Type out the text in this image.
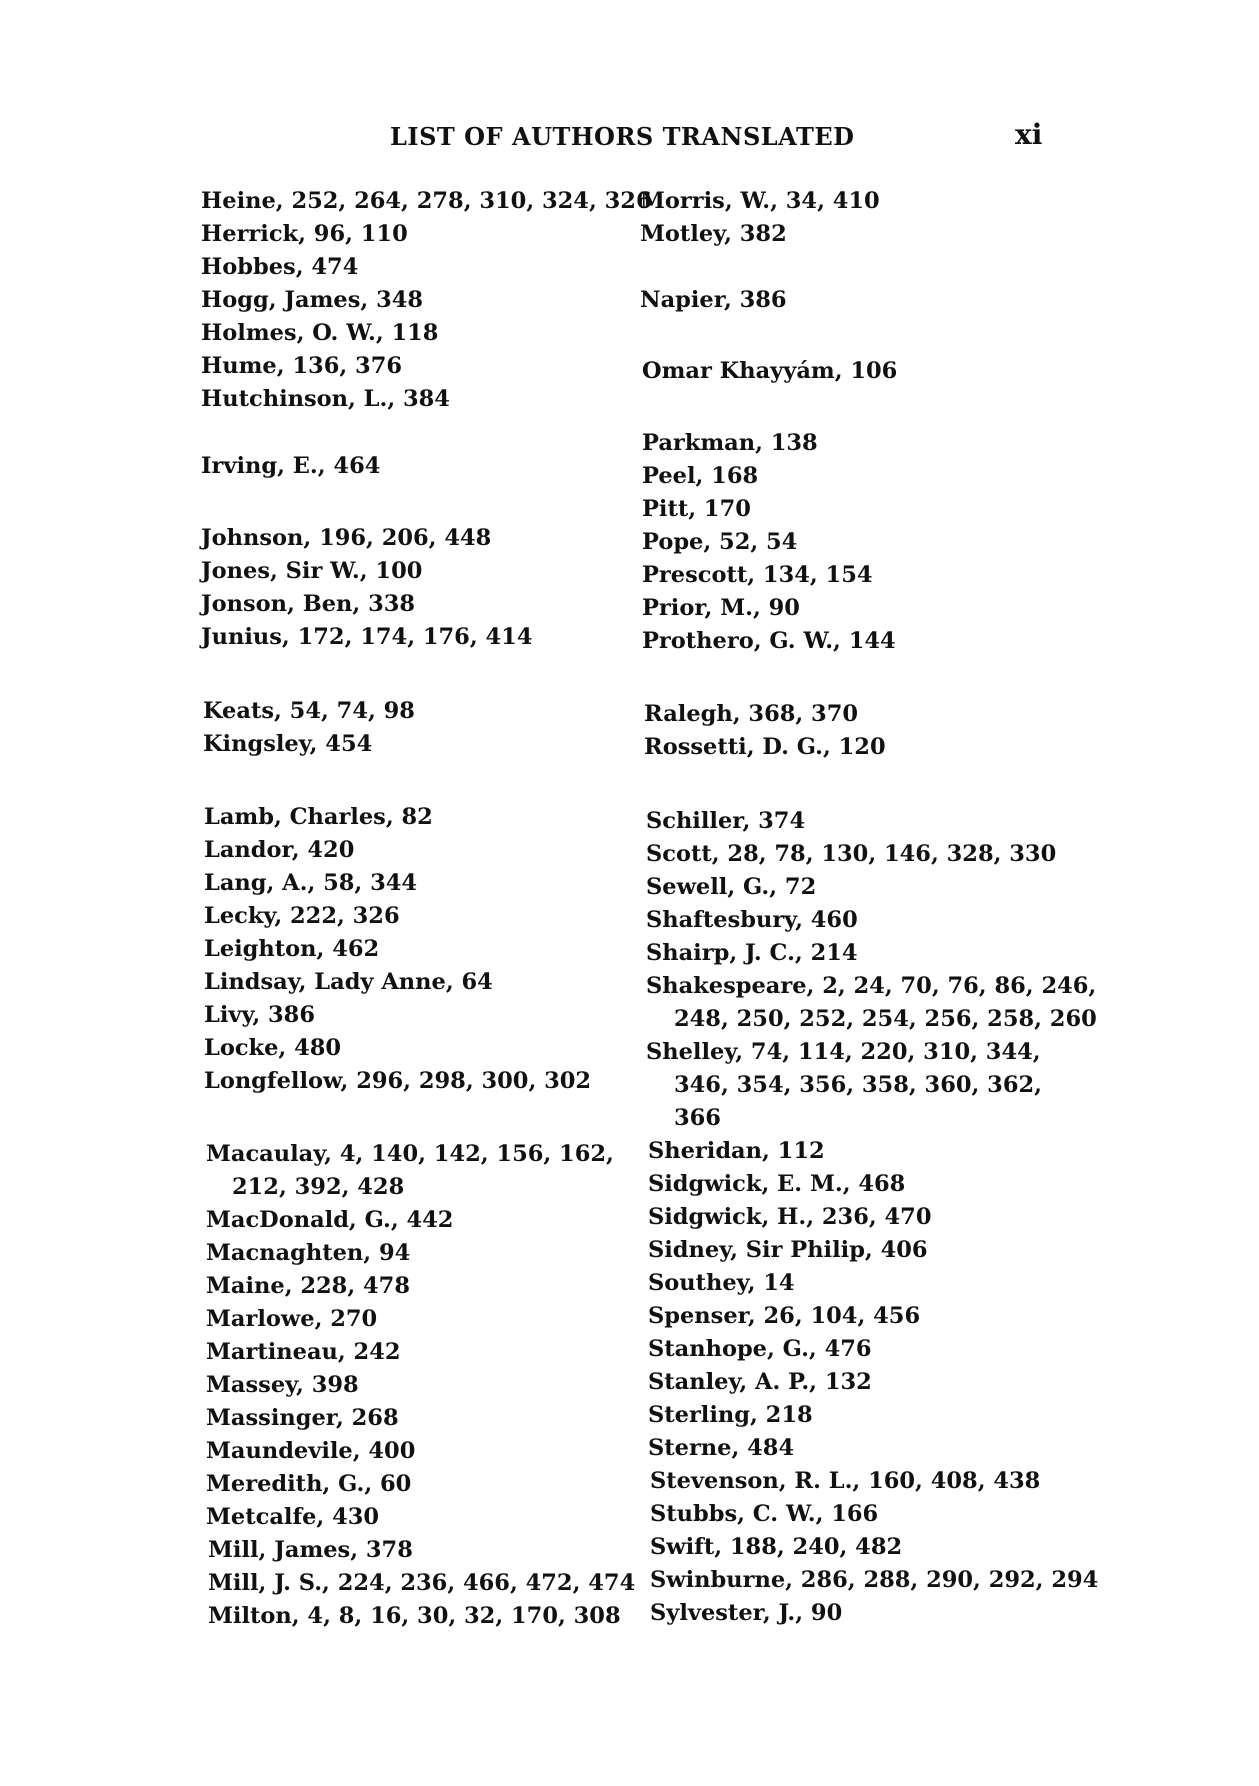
LIST OF AUTHORS TRANSLATED	xi
Heine, 252, 264, 278, 310, 324, 326
Herrick, 96, 110
Hobbes, 474
Hogg, James, 348
Holmes, O. W., 118
Hume, 136, 376
Hutchinson, L., 384
Irving, E., 464
Johnson, 196, 206, 448
Jones, Sir W., 100
Jonson, Ben, 338
Junius, 172, 174, 176, 414
Keats, 54, 74, 98
Kingsley, 454
Lamb, Charles, 82
Landor, 420
Lang, A., 58, 344
Lecky, 222, 326
Leighton, 462
Lindsay, Lady Anne, 64
Livy, 386
Locke, 480
Longfellow, 296, 298, 300, 302
Macaulay, 4, 140, 142, 156, 162,
212, 392, 428
MacDonald, G., 442
Macnaghten, 94
Maine, 228, 478
Marlowe, 270
Martineau, 242
Massey, 398
Massinger, 268
Maundevile, 400
Meredith, G., 60
Metcalfe, 430
Mill, James, 378
Mill, J. S., 224, 236, 466, 472, 474
Milton, 4, 8, 16, 30, 32, 170, 308
Morris, W., 34, 410
Motley, 382
Napier, 386
Omar Khayyám, 106
Parkman, 138
Peel, 168
Pitt, 170
Pope, 52, 54
Prescott, 134, 154
Prior, M., 90
Prothero, G. W., 144
Ralegh, 368, 370
Rossetti, D. G., 120
Schiller, 374
Scott, 28, 78, 130, 146, 328, 330
Sewell, G., 72
Shaftesbury, 460
Shairp, J. C., 214
Shakespeare, 2, 24, 70, 76, 86, 246,
248, 250, 252, 254, 256, 258, 260
Shelley, 74, 114, 220, 310, 344,
346, 354, 356, 358, 360, 362,
366
Sheridan, 112
Sidgwick, E. M., 468
Sidgwick, H., 236, 470
Sidney, Sir Philip, 406
Southey, 14
Spenser, 26, 104, 456
Stanhope, G., 476
Stanley, A. P., 132
Sterling, 218
Sterne, 484
Stevenson, R. L., 160, 408, 438
Stubbs, C. W., 166
Swift, 188, 240, 482
Swinburne, 286, 288, 290, 292, 294
Sylvester, J., 90
